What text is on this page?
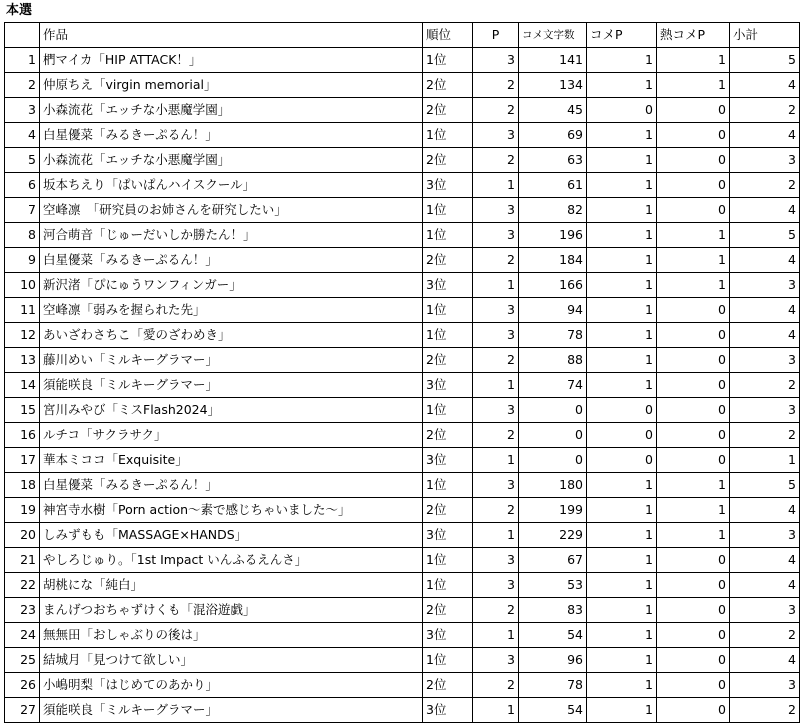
本選
	作品	順位	P	コメ文字数	コメP	熱コメP	小計
1	椚マイカ「HIP ATTACK！」	1位	3	141	1	1	5
2	仲原ちえ「virgin memorial」	2位	2	134	1	1	4
3	小森流花「エッチな小悪魔学園」	2位	2	45	0	0	2
4	白星優菜「みるきーぷるん！」	1位	3	69	1	0	4
5	小森流花「エッチな小悪魔学園」	2位	2	63	1	0	3
6	坂本ちえり「ぱいぱんハイスクール」	3位	1	61	1	0	2
7	空峰凛　「研究員のお姉さんを研究したい」	1位	3	82	1	0	4
8	河合萌音「じゅーだいしか勝たん！」	1位	3	196	1	1	5
9	白星優菜「みるきーぷるん！」	2位	2	184	1	1	4
10	新沢渚「ぴにゅうワンフィンガー」	3位	1	166	1	1	3
11	空峰凛「弱みを握られた先」	1位	3	94	1	0	4
12	あいざわさちこ「愛のざわめき」	1位	3	78	1	0	4
13	藤川めい「ミルキーグラマー」	2位	2	88	1	0	3
14	須能咲良「ミルキーグラマー」	3位	1	74	1	0	2
15	宮川みやび「ミスFlash2024」	1位	3	0	0	0	3
16	ルチコ「サクラサク」	2位	2	0	0	0	2
17	華本ミココ「Exquisite」	3位	1	0	0	0	1
18	白星優菜「みるきーぷるん！」	1位	3	180	1	1	5
19	神宮寺水樹「Porn action～素で感じちゃいました～」	2位	2	199	1	1	4
20	しみずもも「MASSAGE×HANDS」	3位	1	229	1	1	3
21	やしろじゅり。「1st Impact いんふるえんさ」	1位	3	67	1	0	4
22	胡桃にな「純白」	1位	3	53	1	0	4
23	まんげつおちゃずけくも「混浴遊戯」	2位	2	83	1	0	3
24	無無田「おしゃぶりの後は」	3位	1	54	1	0	2
25	結城月「見つけて欲しい」	1位	3	96	1	0	4
26	小嶋明梨「はじめてのあかり」	2位	2	78	1	0	3
27	須能咲良「ミルキーグラマー」	3位	1	54	1	0	2
